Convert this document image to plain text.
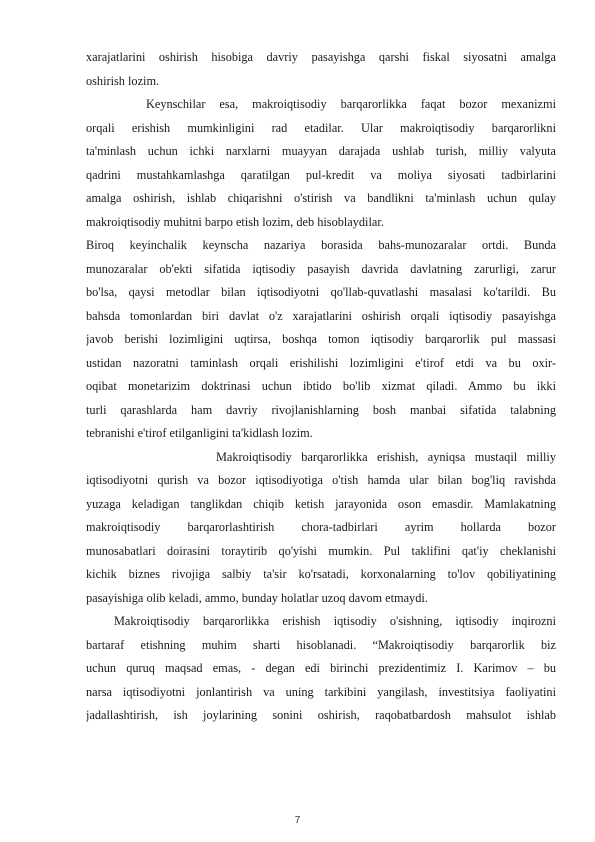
xarajatlarini oshirish hisobiga davriy pasayishga qarshi fiskal siyosatni amalga
oshirish lozim.
Keynschilar esa, makroiqtisodiy barqarorlikka faqat bozor mexanizmi
orqali erishish mumkinligini rad etadilar. Ular makroiqtisodiy barqarorlikni
ta'minlash uchun ichki narxlarni muayyan darajada ushlab turish, milliy valyuta
qadrini mustahkamlashga qaratilgan pul-kredit va moliya siyosati tadbirlarini
amalga oshirish, ishlab chiqarishni o'stirish va bandlikni ta'minlash uchun qulay
makroiqtisodiy muhitni barpo etish lozim, deb hisoblaydilar.
Biroq keyinchalik keynscha nazariya borasida bahs-munozaralar ortdi. Bunda
munozaralar ob'ekti sifatida iqtisodiy pasayish davrida davlatning zarurligi, zarur
bo'lsa, qaysi metodlar bilan iqtisodiyotni qo'llab-quvatlashi masalasi ko'tarildi. Bu
bahsda tomonlardan biri davlat o'z xarajatlarini oshirish orqali iqtisodiy pasayishga
javob berishi lozimligini uqtirsa, boshqa tomon iqtisodiy barqarorlik pul massasi
ustidan nazoratni taminlash orqali erishilishi lozimligini e'tirof etdi va bu oxir-
oqibat monetarizim doktrinasi uchun ibtido bo'lib xizmat qiladi. Ammo bu ikki
turli qarashlarda ham davriy rivojlanishlarning bosh manbai sifatida talabning
tebranishi e'tirof etilganligini ta'kidlash lozim.
Makroiqtisodiy barqarorlikka erishish, ayniqsa mustaqil milliy
iqtisodiyotni qurish va bozor iqtisodiyotiga o'tish hamda ular bilan bog'liq ravishda
yuzaga keladigan tanglikdan chiqib ketish jarayonida oson emasdir. Mamlakatning
makroiqtisodiy barqarorlashtirish chora-tadbirlari ayrim hollarda bozor
munosabatlari doirasini toraytirib qo'yishi mumkin. Pul taklifini qat'iy cheklanishi
kichik biznes rivojiga salbiy ta'sir ko'rsatadi, korxonalarning to'lov qobiliyatining
pasayishiga olib keladi, ammo, bunday holatlar uzoq davom etmaydi.
Makroiqtisodiy barqarorlikka erishish iqtisodiy o'sishning, iqtisodiy inqirozni
bartaraf etishning muhim sharti hisoblanadi. “Makroiqtisodiy barqarorlik biz
uchun quruq maqsad emas, - degan edi birinchi prezidentimiz I. Karimov – bu
narsa iqtisodiyotni jonlantirish va uning tarkibini yangilash, investitsiya faoliyatini
jadallashtirish, ish joylarining sonini oshirish, raqobatbardosh mahsulot ishlab
7
